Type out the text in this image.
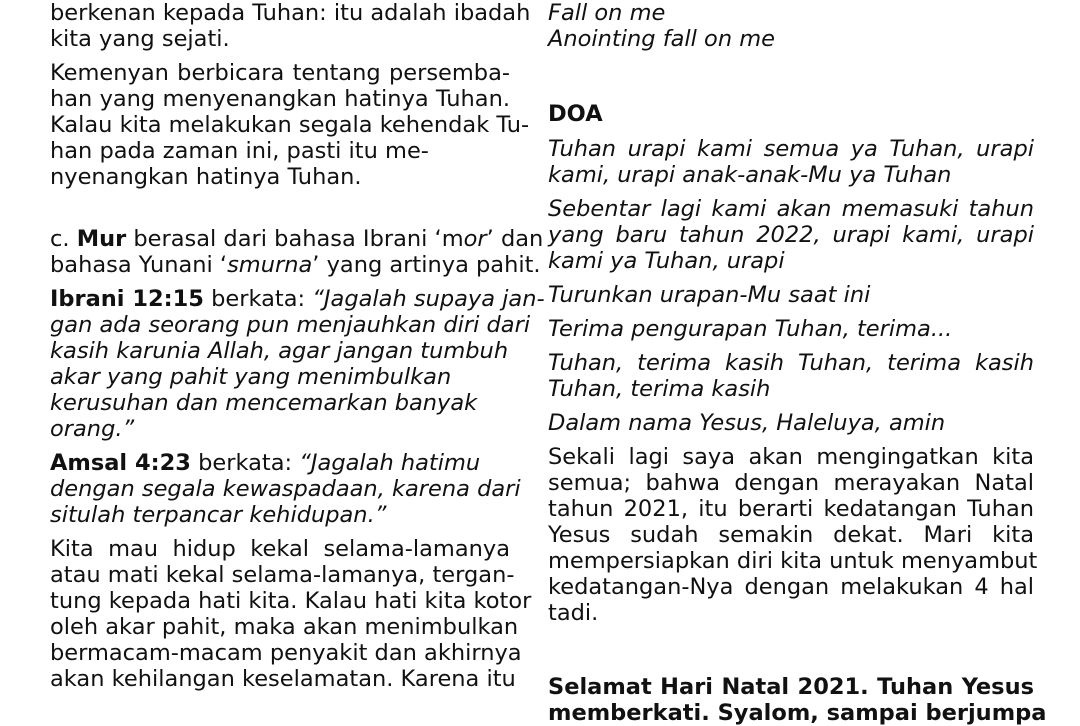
berkenan kepada Tuhan: itu adalah ibadah
kita yang sejati.
Kemenyan berbicara tentang persemba-
han yang menyenangkan hatinya Tuhan.
Kalau kita melakukan segala kehendak Tu-
han pada zaman ini, pasti itu me-
nyenangkan hatinya Tuhan.
c. Mur berasal dari bahasa Ibrani ‘mor’ dan
bahasa Yunani ‘smurna’ yang artinya pahit.
Ibrani 12:15 berkata: “Jagalah supaya jan-
gan ada seorang pun menjauhkan diri dari
kasih karunia Allah, agar jangan tumbuh
akar yang pahit yang menimbulkan
kerusuhan dan mencemarkan banyak
orang.”
Amsal 4:23 berkata: “Jagalah hatimu
dengan segala kewaspadaan, karena dari
situlah terpancar kehidupan.”
Kita mau hidup kekal selama-lamanya
atau mati kekal selama-lamanya, tergan-
tung kepada hati kita. Kalau hati kita kotor
oleh akar pahit, maka akan menimbulkan
bermacam-macam penyakit dan akhirnya
akan kehilangan keselamatan. Karena itu
Fall on me
Anointing fall on me
DOA
Tuhan urapi kami semua ya Tuhan, urapi
kami, urapi anak-anak-Mu ya Tuhan
Sebentar lagi kami akan memasuki tahun
yang baru tahun 2022, urapi kami, urapi
kami ya Tuhan, urapi
Turunkan urapan-Mu saat ini
Terima pengurapan Tuhan, terima...
Tuhan, terima kasih Tuhan, terima kasih
Tuhan, terima kasih
Dalam nama Yesus, Haleluya, amin
Sekali lagi saya akan mengingatkan kita
semua; bahwa dengan merayakan Natal
tahun 2021, itu berarti kedatangan Tuhan
Yesus sudah semakin dekat. Mari kita
mempersiapkan diri kita untuk menyambut
kedatangan-Nya dengan melakukan 4 hal
tadi.
Selamat Hari Natal 2021. Tuhan Yesus
memberkati. Syalom, sampai berjumpa
